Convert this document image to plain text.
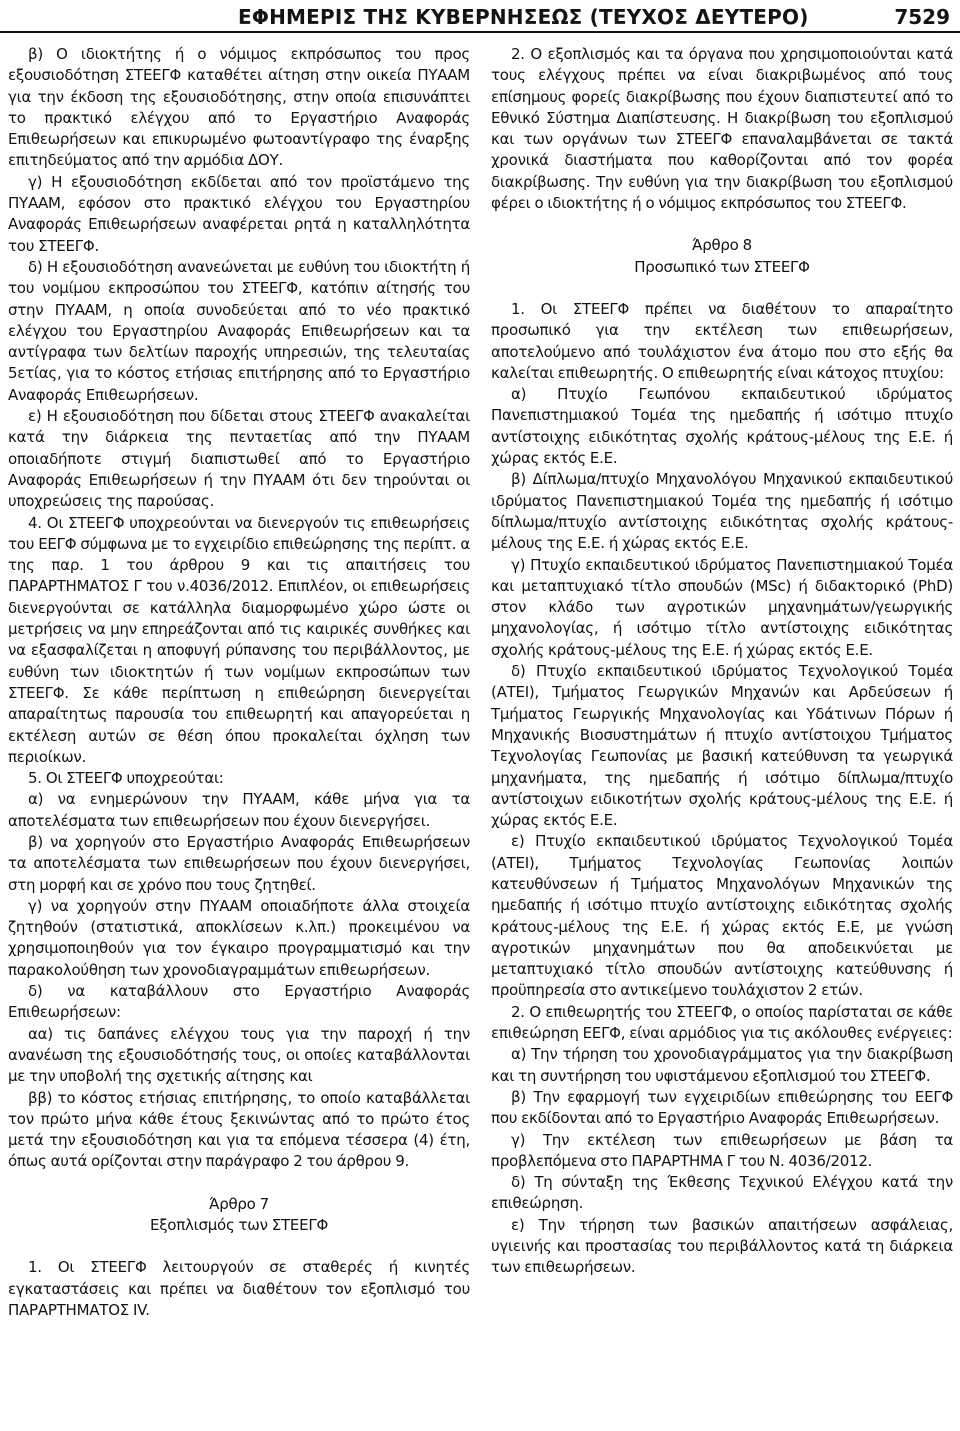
ΕΦΗΜΕΡΙΣ ΤΗΣ ΚΥΒΕΡΝΗΣΕΩΣ (ΤΕΥΧΟΣ ΔΕΥΤΕΡΟ)	7529

β) Ο ιδιοκτήτης ή ο νόμιμος εκπρόσωπος του προς εξουσιοδότηση ΣΤΕΕΓΦ καταθέτει αίτηση στην οικεία ΠΥΑΑΜ για την έκδοση της εξουσιοδότησης, στην οποία επισυνάπτει το πρακτικό ελέγχου από το Εργαστήριο Αναφοράς Επιθεωρήσεων και επικυρωμένο φωτοαντίγραφο της έναρξης επιτηδεύματος από την αρμόδια ΔΟΥ.

γ) Η εξουσιοδότηση εκδίδεται από τον προϊστάμενο της ΠΥΑΑΜ, εφόσον στο πρακτικό ελέγχου του Εργαστηρίου Αναφοράς Επιθεωρήσεων αναφέρεται ρητά η καταλληλότητα του ΣΤΕΕΓΦ.

δ) Η εξουσιοδότηση ανανεώνεται με ευθύνη του ιδιοκτήτη ή του νομίμου εκπροσώπου του ΣΤΕΕΓΦ, κατόπιν αίτησής του στην ΠΥΑΑΜ, η οποία συνοδεύεται από το νέο πρακτικό ελέγχου του Εργαστηρίου Αναφοράς Επιθεωρήσεων και τα αντίγραφα των δελτίων παροχής υπηρεσιών, της τελευταίας 5ετίας, για το κόστος ετήσιας επιτήρησης από το Εργαστήριο Αναφοράς Επιθεωρήσεων.

ε) Η εξουσιοδότηση που δίδεται στους ΣΤΕΕΓΦ ανακαλείται κατά την διάρκεια της πενταετίας από την ΠΥΑΑΜ οποιαδήποτε στιγμή διαπιστωθεί από το Εργαστήριο Αναφοράς Επιθεωρήσεων ή την ΠΥΑΑΜ ότι δεν τηρούνται οι υποχρεώσεις της παρούσας.

4. Οι ΣΤΕΕΓΦ υποχρεούνται να διενεργούν τις επιθεωρήσεις του ΕΕΓΦ σύμφωνα με το εγχειρίδιο επιθεώρησης της περίπτ. α της παρ. 1 του άρθρου 9 και τις απαιτήσεις του ΠΑΡΑΡΤΗΜΑΤΟΣ Γ του ν.4036/2012. Επιπλέον, οι επιθεωρήσεις διενεργούνται σε κατάλληλα διαμορφωμένο χώρο ώστε οι μετρήσεις να μην επηρεάζονται από τις καιρικές συνθήκες και να εξασφαλίζεται η αποφυγή ρύπανσης του περιβάλλοντος, με ευθύνη των ιδιοκτητών ή των νομίμων εκπροσώπων των ΣΤΕΕΓΦ. Σε κάθε περίπτωση η επιθεώρηση διενεργείται απαραίτητως παρουσία του επιθεωρητή και απαγορεύεται η εκτέλεση αυτών σε θέση όπου προκαλείται όχληση των περιοίκων.

5. Οι ΣΤΕΕΓΦ υποχρεούται:

α) να ενημερώνουν την ΠΥΑΑΜ, κάθε μήνα για τα αποτελέσματα των επιθεωρήσεων που έχουν διενεργήσει.

β) να χορηγούν στο Εργαστήριο Αναφοράς Επιθεωρήσεων τα αποτελέσματα των επιθεωρήσεων που έχουν διενεργήσει, στη μορφή και σε χρόνο που τους ζητηθεί.

γ) να χορηγούν στην ΠΥΑΑΜ οποιαδήποτε άλλα στοιχεία ζητηθούν (στατιστικά, αποκλίσεων κ.λπ.) προκειμένου να χρησιμοποιηθούν για τον έγκαιρο προγραμματισμό και την παρακολούθηση των χρονοδιαγραμμάτων επιθεωρήσεων.

δ) να καταβάλλουν στο Εργαστήριο Αναφοράς Επιθεωρήσεων:

αα) τις δαπάνες ελέγχου τους για την παροχή ή την ανανέωση της εξουσιοδότησής τους, οι οποίες καταβάλλονται με την υποβολή της σχετικής αίτησης και

ββ) το κόστος ετήσιας επιτήρησης, το οποίο καταβάλλεται τον πρώτο μήνα κάθε έτους ξεκινώντας από το πρώτο έτος μετά την εξουσιοδότηση και για τα επόμενα τέσσερα (4) έτη, όπως αυτά ορίζονται στην παράγραφο 2 του άρθρου 9.

Άρθρο 7

Εξοπλισμός των ΣΤΕΕΓΦ

1. Οι ΣΤΕΕΓΦ λειτουργούν σε σταθερές ή κινητές εγκαταστάσεις και πρέπει να διαθέτουν τον εξοπλισμό του ΠΑΡΑΡΤΗΜΑΤΟΣ IV.

2. Ο εξοπλισμός και τα όργανα που χρησιμοποιούνται κατά τους ελέγχους πρέπει να είναι διακριβωμένος από τους επίσημους φορείς διακρίβωσης που έχουν διαπιστευτεί από το Εθνικό Σύστημα Διαπίστευσης. Η διακρίβωση του εξοπλισμού και των οργάνων των ΣΤΕΕΓΦ επαναλαμβάνεται σε τακτά χρονικά διαστήματα που καθορίζονται από τον φορέα διακρίβωσης. Την ευθύνη για την διακρίβωση του εξοπλισμού φέρει ο ιδιοκτήτης ή ο νόμιμος εκπρόσωπος του ΣΤΕΕΓΦ.

Άρθρο 8

Προσωπικό των ΣΤΕΕΓΦ

1. Οι ΣΤΕΕΓΦ πρέπει να διαθέτουν το απαραίτητο προσωπικό για την εκτέλεση των επιθεωρήσεων, αποτελούμενο από τουλάχιστον ένα άτομο που στο εξής θα καλείται επιθεωρητής. Ο επιθεωρητής είναι κάτοχος πτυχίου:

α) Πτυχίο Γεωπόνου εκπαιδευτικού ιδρύματος Πανεπιστημιακού Τομέα της ημεδαπής ή ισότιμο πτυχίο αντίστοιχης ειδικότητας σχολής κράτους-μέλους της Ε.Ε. ή χώρας εκτός Ε.Ε.

β) Δίπλωμα/πτυχίο Μηχανολόγου Μηχανικού εκπαιδευτικού ιδρύματος Πανεπιστημιακού Τομέα της ημεδαπής ή ισότιμο δίπλωμα/πτυχίο αντίστοιχης ειδικότητας σχολής κράτους-μέλους της Ε.Ε. ή χώρας εκτός Ε.Ε.

γ) Πτυχίο εκπαιδευτικού ιδρύματος Πανεπιστημιακού Τομέα και μεταπτυχιακό τίτλο σπουδών (MSc) ή διδακτορικό (PhD) στον κλάδο των αγροτικών μηχανημάτων/γεωργικής μηχανολογίας, ή ισότιμο τίτλο αντίστοιχης ειδικότητας σχολής κράτους-μέλους της Ε.Ε. ή χώρας εκτός Ε.Ε.

δ) Πτυχίο εκπαιδευτικού ιδρύματος Τεχνολογικού Τομέα (ΑΤΕΙ), Τμήματος Γεωργικών Μηχανών και Αρδεύσεων ή Τμήματος Γεωργικής Μηχανολογίας και Υδάτινων Πόρων ή Μηχανικής Βιοσυστημάτων ή πτυχίο αντίστοιχου Τμήματος Τεχνολογίας Γεωπονίας με βασική κατεύθυνση τα γεωργικά μηχανήματα, της ημεδαπής ή ισότιμο δίπλωμα/πτυχίο αντίστοιχων ειδικοτήτων σχολής κράτους-μέλους της Ε.Ε. ή χώρας εκτός Ε.Ε.

ε) Πτυχίο εκπαιδευτικού ιδρύματος Τεχνολογικού Τομέα (ΑΤΕΙ), Τμήματος Τεχνολογίας Γεωπονίας λοιπών κατευθύνσεων ή Τμήματος Μηχανολόγων Μηχανικών της ημεδαπής ή ισότιμο πτυχίο αντίστοιχης ειδικότητας σχολής κράτους-μέλους της Ε.Ε. ή χώρας εκτός Ε.Ε, με γνώση αγροτικών μηχανημάτων που θα αποδεικνύεται με μεταπτυχιακό τίτλο σπουδών αντίστοιχης κατεύθυνσης ή προϋπηρεσία στο αντικείμενο τουλάχιστον 2 ετών.

2. Ο επιθεωρητής του ΣΤΕΕΓΦ, ο οποίος παρίσταται σε κάθε επιθεώρηση ΕΕΓΦ, είναι αρμόδιος για τις ακόλουθες ενέργειες:

α) Την τήρηση του χρονοδιαγράμματος για την διακρίβωση και τη συντήρηση του υφιστάμενου εξοπλισμού του ΣΤΕΕΓΦ.

β) Την εφαρμογή των εγχειριδίων επιθεώρησης του ΕΕΓΦ που εκδίδονται από το Εργαστήριο Αναφοράς Επιθεωρήσεων.

γ) Την εκτέλεση των επιθεωρήσεων με βάση τα προβλεπόμενα στο ΠΑΡΑΡΤΗΜΑ Γ του Ν. 4036/2012.

δ) Τη σύνταξη της Έκθεσης Τεχνικού Ελέγχου κατά την επιθεώρηση.

ε) Την τήρηση των βασικών απαιτήσεων ασφάλειας, υγιεινής και προστασίας του περιβάλλοντος κατά τη διάρκεια των επιθεωρήσεων.
